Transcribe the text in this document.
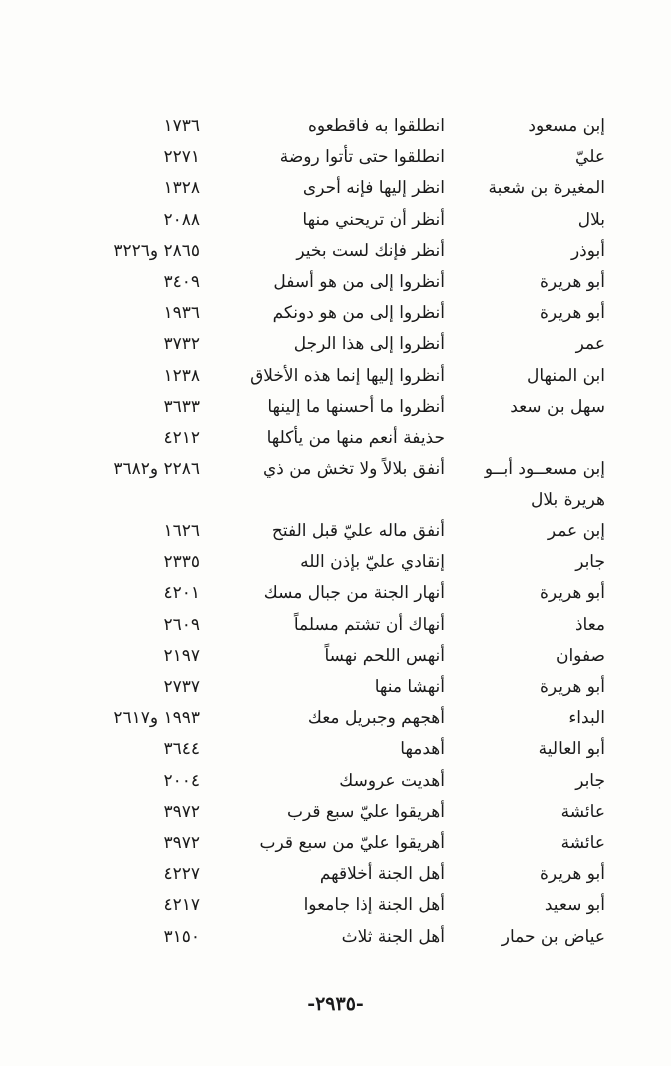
إبن مسعود
انطلقوا به فاقطعوه
١٧٣٦
عليّ
انطلقوا حتى تأتوا روضة
٢٢٧١
المغيرة بن شعبة
انظر إليها فإنه أحرى
١٣٢٨
بلال
أنظر أن تريحني منها
٢٠٨٨
أبوذر
أنظر فإنك لست بخير
٢٨٦٥ و٣٢٢٦
أبو هريرة
أنظروا إلى من هو أسفل
٣٤٠٩
أبو هريرة
أنظروا إلى من هو دونكم
١٩٣٦
عمر
أنظروا إلى هذا الرجل
٣٧٣٢
ابن المنهال
أنظروا إليها إنما هذه الأخلاق
١٢٣٨
سهل بن سعد
أنظروا ما أحسنها ما إلينها
٣٦٣٣
حذيفة أنعم منها من يأكلها
٤٢١٢
إبن مسعــود أبــو
أنفق بلالاً ولا تخش من ذي
٢٢٨٦ و٣٦٨٢
هريرة بلال
إبن عمر
أنفق ماله عليّ قبل الفتح
١٦٢٦
جابر
إنقادي عليّ بإذن الله
٢٣٣٥
أبو هريرة
أنهار الجنة من جبال مسك
٤٢٠١
معاذ
أنهاك أن تشتم مسلماً
٢٦٠٩
صفوان
أنهس اللحم نهساً
٢١٩٧
أبو هريرة
أنهشا منها
٢٧٣٧
البداء
أهجهم وجبريل معك
١٩٩٣ و٢٦١٧
أبو العالية
أهدمها
٣٦٤٤
جابر
أهديت عروسك
٢٠٠٤
عائشة
أهريقوا عليّ سبع قرب
٣٩٧٢
عائشة
أهريقوا عليّ من سبع قرب
٣٩٧٢
أبو هريرة
أهل الجنة أخلاقهم
٤٢٢٧
أبو سعيد
أهل الجنة إذا جامعوا
٤٢١٧
عياض بن حمار
أهل الجنة ثلاث
٣١٥٠
-٢٩٣٥-
